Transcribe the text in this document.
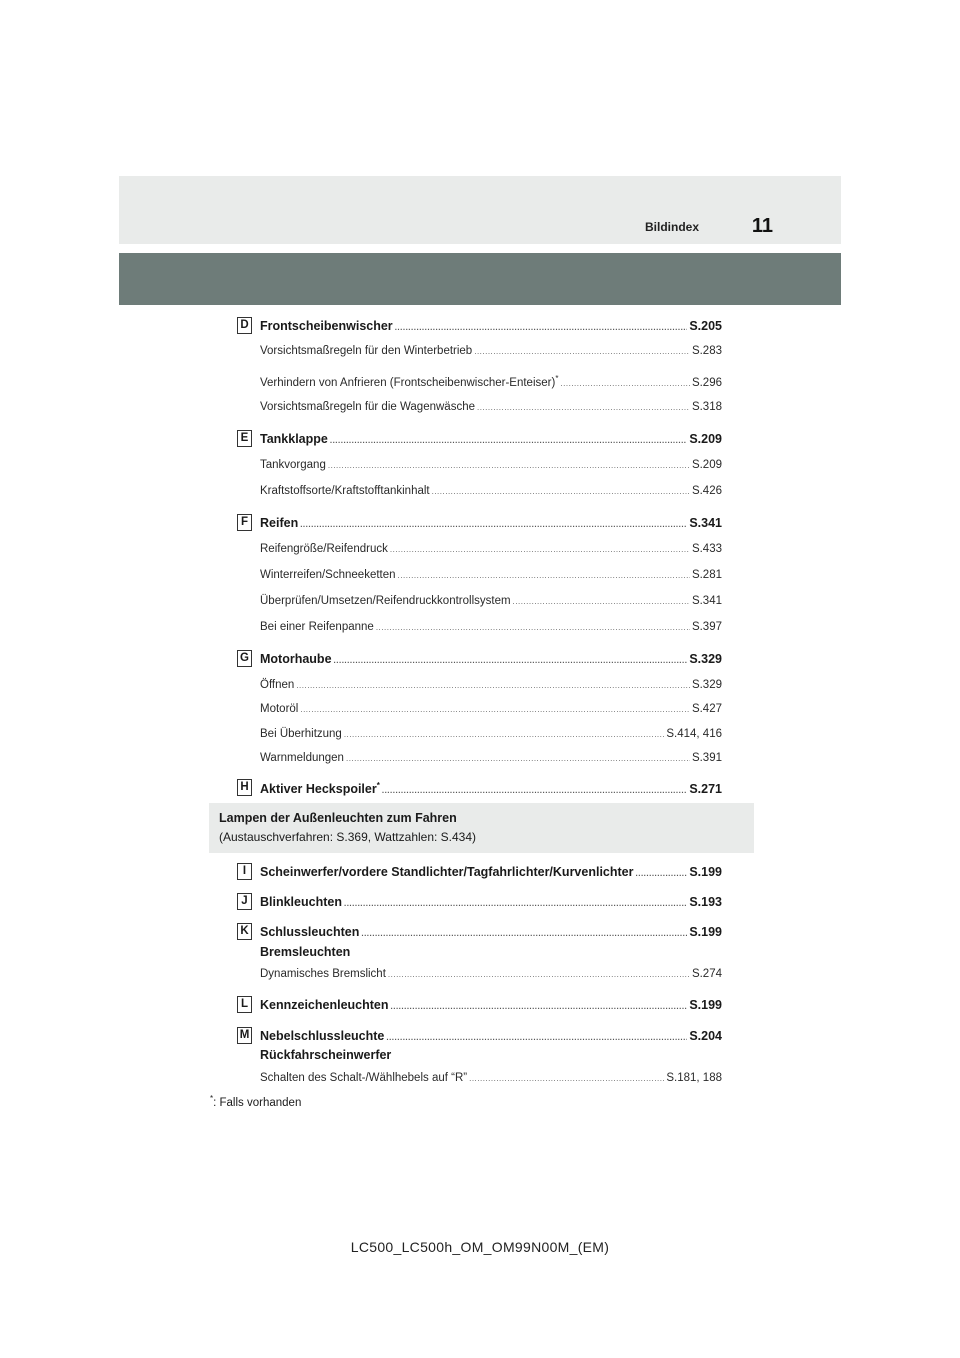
Bildindex	11
D Frontscheibenwischer .....	S.205
Vorsichtsmaßregeln für den Winterbetrieb .....	S.283
Verhindern von Anfrieren (Frontscheibenwischer-Enteiser)* .....	S.296
Vorsichtsmaßregeln für die Wagenwäsche .....	S.318
E Tankklappe .....	S.209
Tankvorgang .....	S.209
Kraftstoffsorte/Kraftstofftankinhalt .....	S.426
F Reifen .....	S.341
Reifengröße/Reifendruck .....	S.433
Winterreifen/Schneeketten .....	S.281
Überprüfen/Umsetzen/Reifendruckkontrollsystem .....	S.341
Bei einer Reifenpanne .....	S.397
G Motorhaube .....	S.329
Öffnen .....	S.329
Motoröl .....	S.427
Bei Überhitzung .....	S.414, 416
Warnmeldungen .....	S.391
H Aktiver Heckspoiler* .....	S.271
I	Scheinwerfer/vordere Standlichter/Tagfahrlichter/Kurvenlichter .....	S.199
J Blinkleuchten .....	S.193
K Schlussleuchten .....	S.199
Bremsleuchten
Dynamisches Bremslicht .....	S.274
L Kennzeichenleuchten .....	S.199
M Nebelschlussleuchte .....	S.204
Rückfahrscheinwerfer
Schalten des Schalt-/Wählhebels auf “R” .....	S.181, 188
Lampen der Außenleuchten zum Fahren
(Austauschverfahren: S.369, Wattzahlen: S.434)
*: Falls vorhanden
LC500_LC500h_OM_OM99N00M_(EM)
